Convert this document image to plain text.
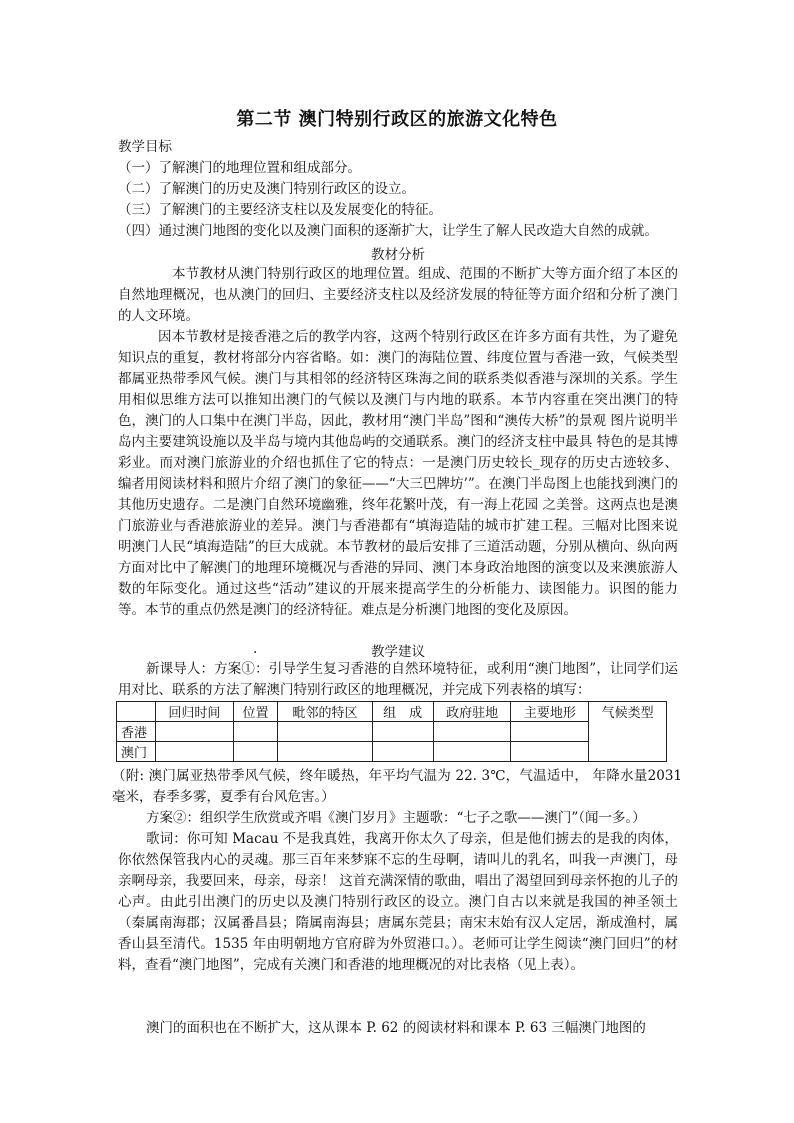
第二节 澳门特别行政区的旅游文化特色
教学目标
（一）了解澳门的地理位置和组成部分。
（二）了解澳门的历史及澳门特别行政区的设立。
（三）了解澳门的主要经济支柱以及发展变化的特征。
（四）通过澳门地图的变化以及澳门面积的逐渐扩大，让学生了解人民改造大自然的成就。
教材分析
本节教材从澳门特别行政区的地理位置。组成、范围的不断扩大等方面介绍了本区的自然地理概况，也从澳门的回归、主要经济支柱以及经济发展的特征等方面介绍和分析了澳门的人文环境。
因本节教材是接香港之后的教学内容，这两个特别行政区在许多方面有共性，为了避免知识点的重复，教材将部分内容省略。如：澳门的海陆位置、纬度位置与香港一致，气候类型都属亚热带季风气候。澳门与其相邻的经济特区珠海之间的联系类似香港与深圳的关系。学生用相似思维方法可以推知出澳门的气候以及澳门与内地的联系。本节内容重在突出澳门的特色，澳门的人口集中在澳门半岛，因此，教材用“澳门半岛”图和“澳传大桥”的景观 图片说明半岛内主要建筑设施以及半岛与境内其他岛屿的交通联系。澳门的经济支柱中最具 特色的是其博彩业。而对澳门旅游业的介绍也抓住了它的特点：一是澳门历史较长_现存的历史古迹较多、编者用阅读材料和照片介绍了澳门的象征——“大三巴牌坊’”。在澳门半岛图上也能找到澳门的其他历史遗存。二是澳门自然环境幽雅，终年花繁叶茂，有一海上花园 之美誉。这两点也是澳门旅游业与香港旅游业的差异。澳门与香港都有“填海造陆的城市扩建工程。三幅对比图来说明澳门人民“填海造陆”的巨大成就。本节教材的最后安排了三道活动题，分别从横向、纵向两方面对比中了解澳门的地理环境概况与香港的异同、澳门本身政治地图的演变以及来澳旅游人数的年际变化。通过这些“活动”建议的开展来提高学生的分析能力、读图能力。识图的能力等。本节的重点仍然是澳门的经济特征。难点是分析澳门地图的变化及原因。
·	教学建议
新课导人：方案①：引导学生复习香港的自然环境特征，或利用“澳门地图”，让同学们运用对比、联系的方法了解澳门特别行政区的地理概况，并完成下列表格的填写：
	回归时间	位置	毗邻的特区	组　成	政府驻地	主要地形	气候类型
香港							
澳门							
（附: 澳门属亚热带季风气候，终年暖热，年平均气温为 22. 3℃，气温适中， 年降水量2031毫米，春季多雾，夏季有台风危害。）
方案②：组织学生欣赏或齐唱《澳门岁月》主题歌：“七子之歌——澳门”（闻一多。）
歌词：你可知 Macau 不是我真姓，我离开你太久了母亲，但是他们掳去的是我的肉体，你依然保管我内心的灵魂。那三百年来梦寐不忘的生母啊，请叫儿的乳名，叫我一声澳门，母亲啊母亲，我要回来，母亲，母亲！ 这首充满深情的歌曲，唱出了渴望回到母亲怀抱的儿子的心声。由此引出澳门的历史以及澳门特别行政区的设立。澳门自古以来就是我国的神圣领土（秦属南海郡；汉属番昌县；隋属南海县；唐属东莞县；南宋末始有汉人定居，渐成渔村，属香山县至清代。1535 年由明朝地方官府辟为外贸港口。）。老师可让学生阅读“澳门回归”的材料，查看“澳门地图”，完成有关澳门和香港的地理概况的对比表格（见上表）。
澳门的面积也在不断扩大，这从课本 P. 62 的阅读材料和课本 P. 63 三幅澳门地图的
